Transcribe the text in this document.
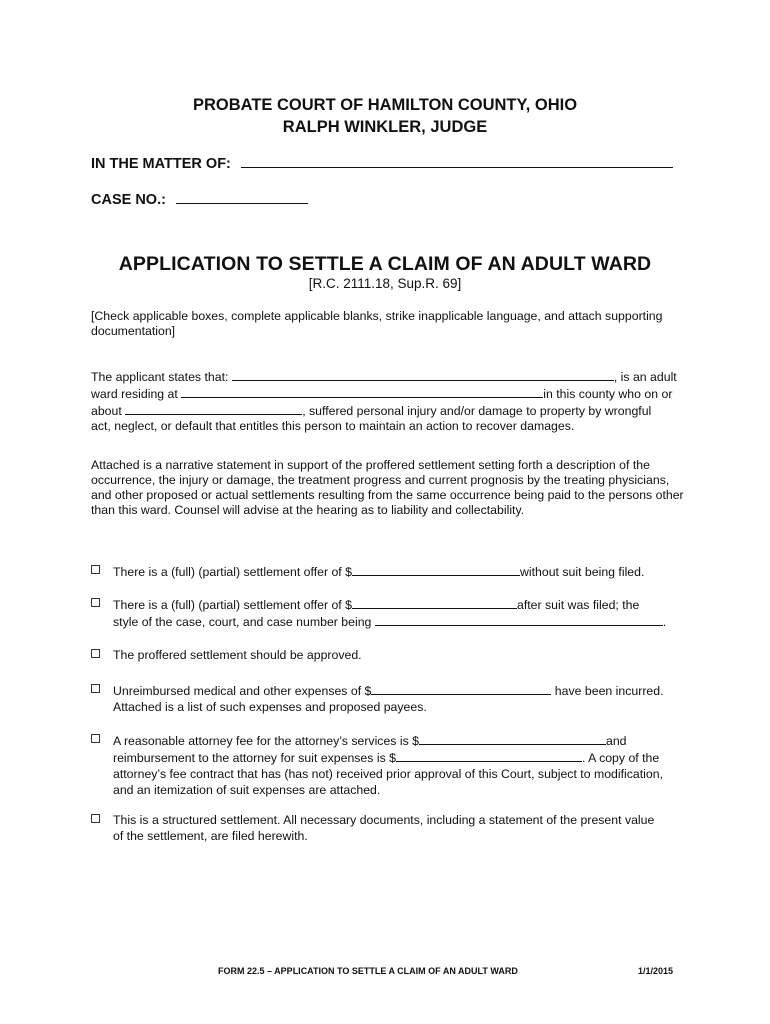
PROBATE COURT OF HAMILTON COUNTY, OHIO
RALPH WINKLER, JUDGE
IN THE MATTER OF:
CASE NO.:
APPLICATION TO SETTLE A CLAIM OF AN ADULT WARD
[R.C. 2111.18, Sup.R. 69]
[Check applicable boxes, complete applicable blanks, strike inapplicable language, and attach supporting documentation]
The applicant states that:	, is an adult
ward residing at	in this county who on or
about	, suffered personal injury and/or damage to property by wrongful
act, neglect, or default that entitles this person to maintain an action to recover damages.
Attached is a narrative statement in support of the proffered settlement setting forth a description of the occurrence, the injury or damage, the treatment progress and current prognosis by the treating physicians, and other proposed or actual settlements resulting from the same occurrence being paid to the persons other than this ward. Counsel will advise at the hearing as to liability and collectability.
There is a (full) (partial) settlement offer of $	without suit being filed.
There is a (full) (partial) settlement offer of $	after suit was filed; the
style of the case, court, and case number being	.
The proffered settlement should be approved.
Unreimbursed medical and other expenses of $	have been incurred.
Attached is a list of such expenses and proposed payees.
A reasonable attorney fee for the attorney’s services is $	and
reimbursement to the attorney for suit expenses is $	. A copy of the
attorney’s fee contract that has (has not) received prior approval of this Court, subject to modification,
and an itemization of suit expenses are attached.
This is a structured settlement. All necessary documents, including a statement of the present value
of the settlement, are filed herewith.
FORM 22.5 – APPLICATION TO SETTLE A CLAIM OF AN ADULT WARD	1/1/2015
